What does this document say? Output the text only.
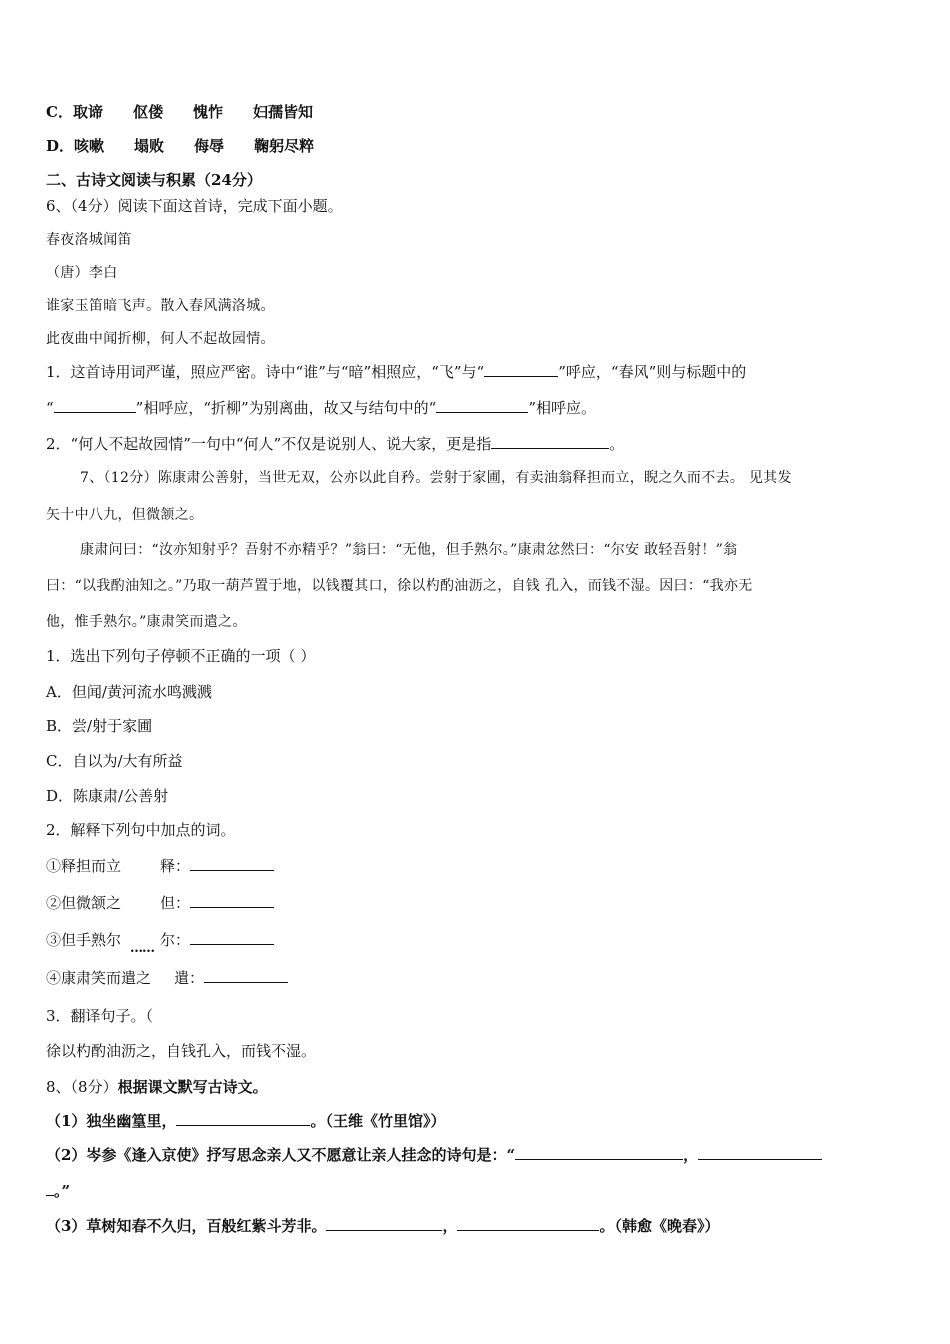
C．取谛 伛偻 愧怍 妇孺皆知
D．咳嗽 塌败 侮辱 鞠躬尽粹
二、古诗文阅读与积累（24分）
6、（4分）阅读下面这首诗，完成下面小题。
春夜洛城闻笛
（唐）李白
谁家玉笛暗飞声。散入春风满洛城。
此夜曲中闻折柳，何人不起故园情。
1．这首诗用词严谨，照应严密。诗中“谁”与“暗”相照应，“飞”与“	”呼应，“春风”则与标题中的
“	”相呼应，“折柳”为别离曲，故又与结句中的“	”相呼应。
2．“何人不起故园情”一句中“何人”不仅是说别人、说大家，更是指	。
7、（12分）陈康肃公善射，当世无双，公亦以此自矜。尝射于家圃，有卖油翁释担而立，睨之久而不去。 见其发
矢十中八九，但微颔之。
康肃问曰：“汝亦知射乎？吾射不亦精乎？”翁曰：“无他，但手熟尔。”康肃忿然曰：“尔安 敢轻吾射！”翁
曰：“以我酌油知之。”乃取一葫芦置于地，以钱覆其口，徐以杓酌油沥之，自钱 孔入，而钱不湿。因曰：“我亦无
他，惟手熟尔。”康肃笑而遣之。
1．选出下列句子停顿不正确的一项（ ）
A．但闻/黄河流水鸣溅溅
B．尝/射于家圃
C．自以为/大有所益
D．陈康肃/公善射
2．解释下列句中加点的词。
①释担而立	释：
②但微颔之	但：
③但手熟尔 …… 尔：
④康肃笑而遣之 遣：
3．翻译句子。（
徐以杓酌油沥之，自钱孔入，而钱不湿。
8、（8分）根据课文默写古诗文。
（1）独坐幽篁里，	。（王维《竹里馆》）
（2）岑参《逢入京使》抒写思念亲人又不愿意让亲人挂念的诗句是：“	，
。”
（3）草树知春不久归，百般红紫斗芳非。	，	。（韩愈《晚春》）
